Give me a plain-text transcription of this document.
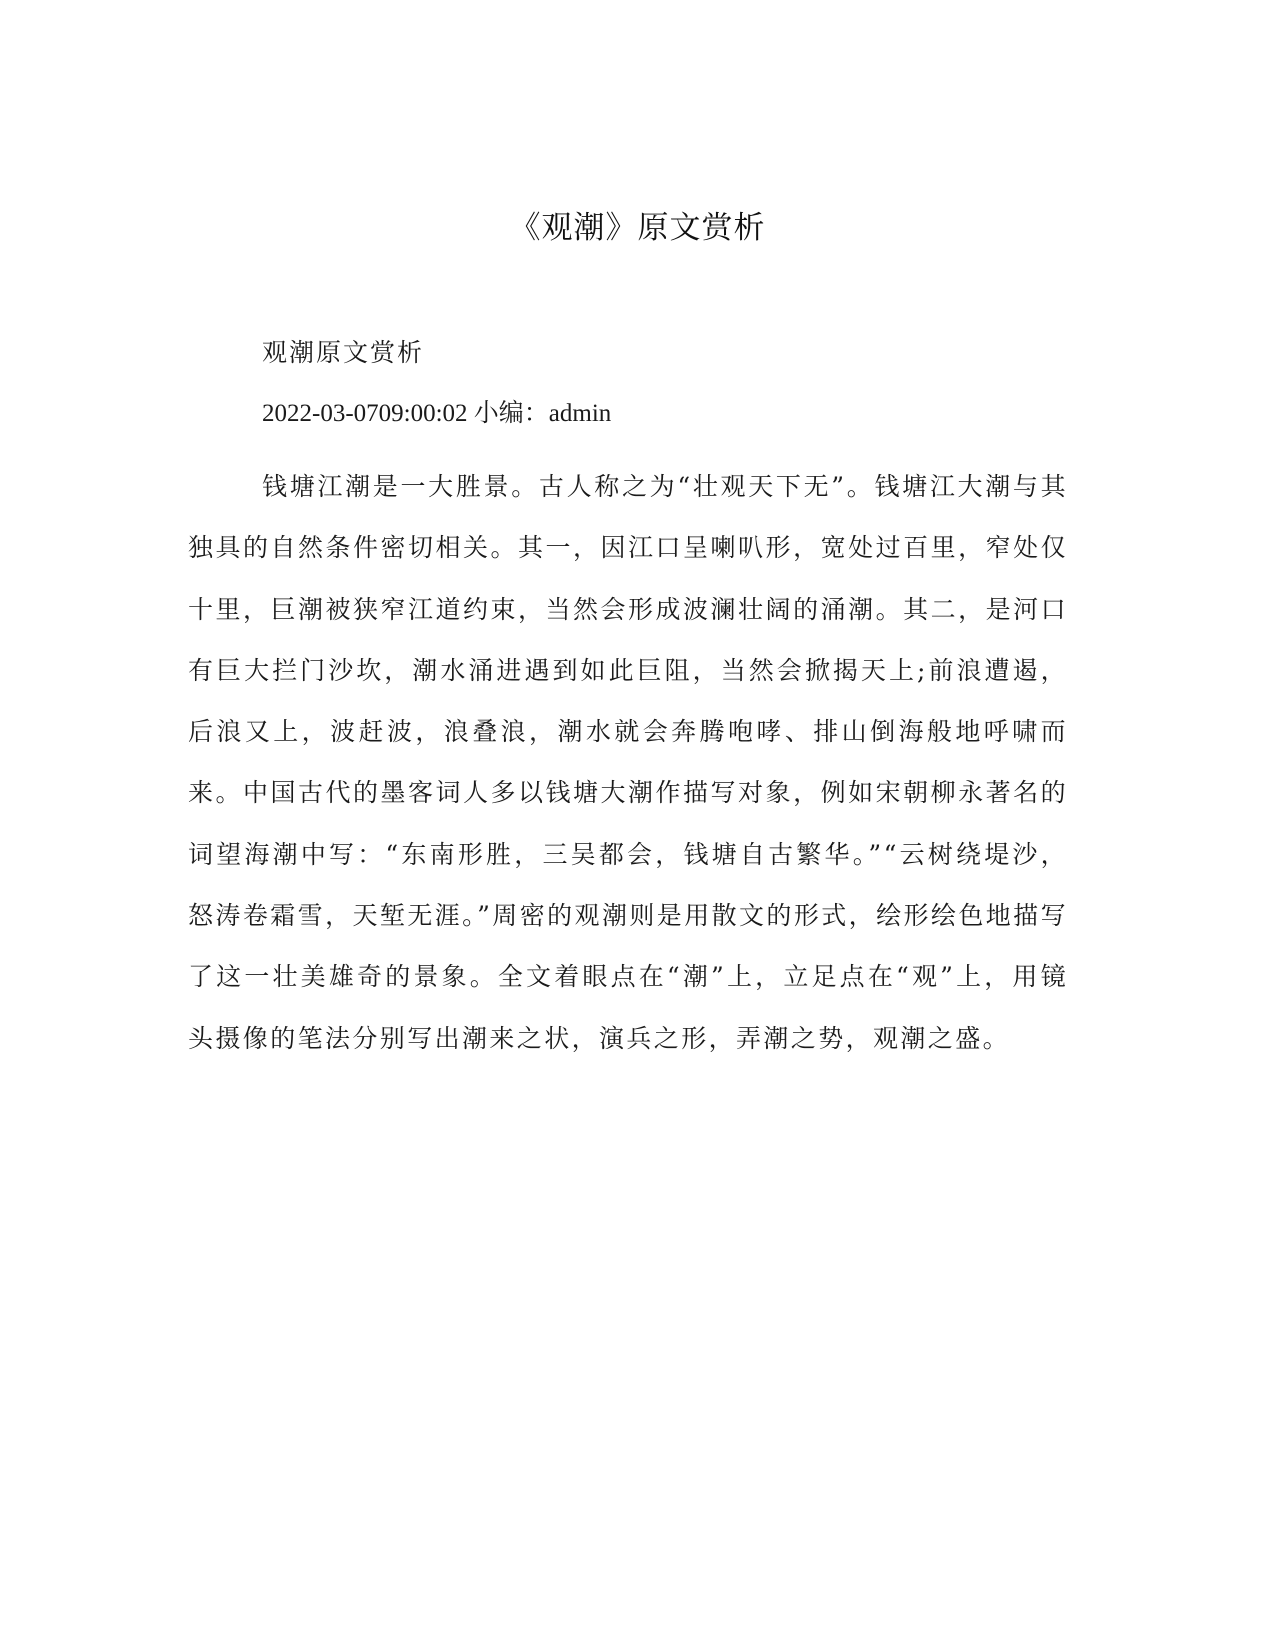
《观潮》原文赏析
观潮原文赏析
2022-03-0709:00:02 小编：admin

钱塘江潮是一大胜景。古人称之为“壮观天下无”。钱塘江大潮与其独具的自然条件密切相关。其一，因江口呈喇叭形，宽处过百里，窄处仅十里，巨潮被狭窄江道约束，当然会形成波澜壮阔的涌潮。其二，是河口有巨大拦门沙坎，潮水涌进遇到如此巨阻，当然会掀揭天上;前浪遭遏，后浪又上，波赶波，浪叠浪，潮水就会奔腾咆哮、排山倒海般地呼啸而来。中国古代的墨客词人多以钱塘大潮作描写对象，例如宋朝柳永著名的词望海潮中写：“东南形胜，三吴都会，钱塘自古繁华。”“云树绕堤沙，怒涛卷霜雪，天堑无涯。”周密的观潮则是用散文的形式，绘形绘色地描写了这一壮美雄奇的景象。全文着眼点在“潮”上，立足点在“观”上，用镜头摄像的笔法分别写出潮来之状，演兵之形，弄潮之势，观潮之盛。
